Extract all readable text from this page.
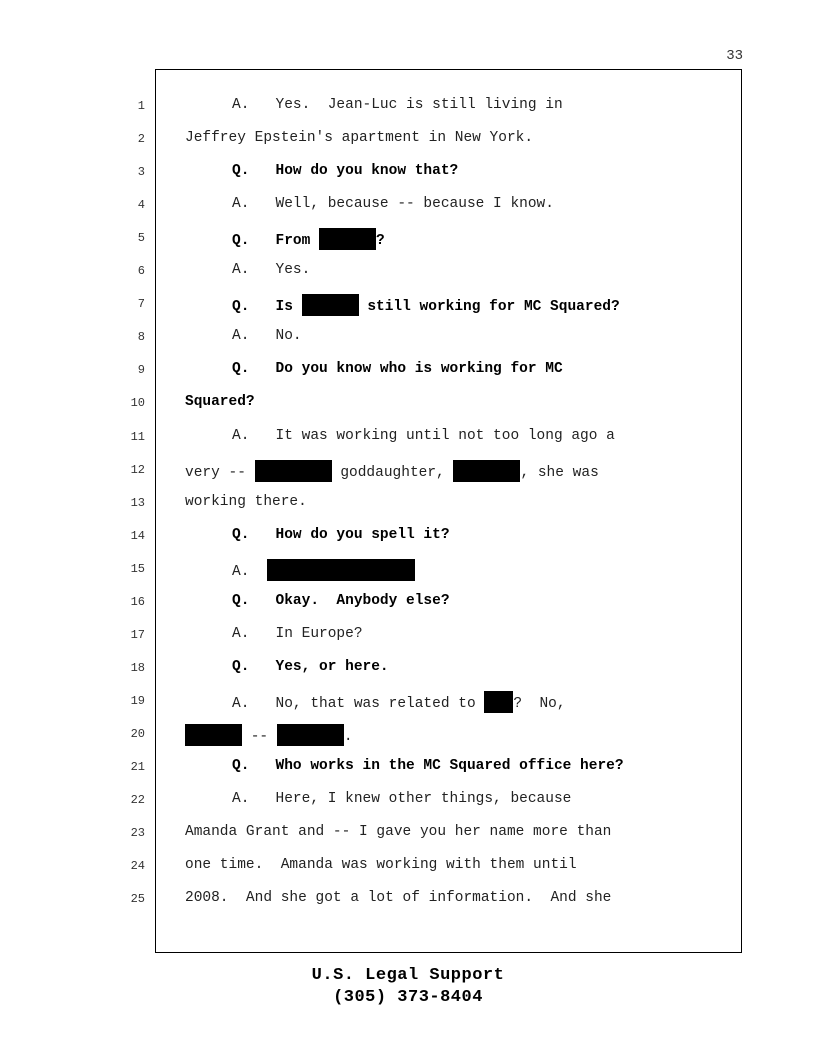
33
1	A.   Yes.  Jean-Luc is still living in
2	Jeffrey Epstein's apartment in New York.
3	Q.   How do you know that?
4	A.   Well, because -- because I know.
5	Q.   From	?
6	A.   Yes.
7	Q.   Is	still working for MC Squared?
8	A.   No.
9	Q.   Do you know who is working for MC
10	Squared?
11	A.   It was working until not too long ago a
12	very --	goddaughter,	, she was
13	working there.
14	Q.   How do you spell it?
15	A.
16	Q.   Okay.  Anybody else?
17	A.   In Europe?
18	Q.   Yes, or here.
19	A.   No, that was related to ?  No,
20	--	.
21	Q.   Who works in the MC Squared office here?
22	A.   Here, I knew other things, because
23	Amanda Grant and -- I gave you her name more than
24	one time.  Amanda was working with them until
25	2008.  And she got a lot of information.  And she
U.S. Legal Support
(305) 373-8404
